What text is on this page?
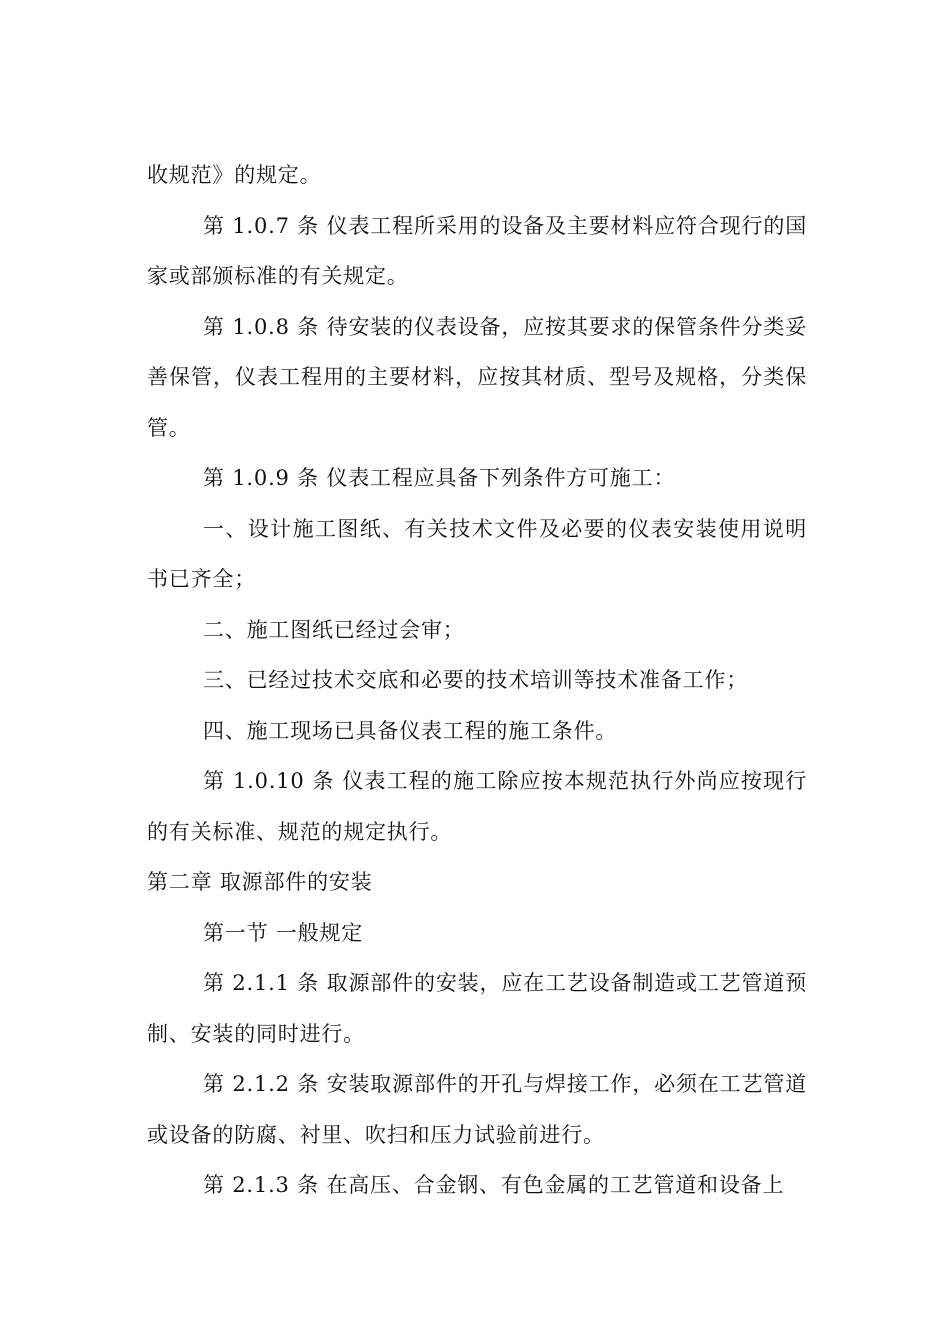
收规范》的规定。

第 1.0.7 条 仪表工程所采用的设备及主要材料应符合现行的国家或部颁标准的有关规定。

第 1.0.8 条 待安装的仪表设备，应按其要求的保管条件分类妥善保管，仪表工程用的主要材料，应按其材质、型号及规格，分类保管。

第 1.0.9 条 仪表工程应具备下列条件方可施工：

一、设计施工图纸、有关技术文件及必要的仪表安装使用说明书已齐全；

二、施工图纸已经过会审；

三、已经过技术交底和必要的技术培训等技术准备工作；

四、施工现场已具备仪表工程的施工条件。

第 1.0.10 条 仪表工程的施工除应按本规范执行外尚应按现行的有关标准、规范的规定执行。

第二章 取源部件的安装

第一节 一般规定

第 2.1.1 条 取源部件的安装，应在工艺设备制造或工艺管道预制、安装的同时进行。

第 2.1.2 条 安装取源部件的开孔与焊接工作，必须在工艺管道或设备的防腐、衬里、吹扫和压力试验前进行。

第 2.1.3 条 在高压、合金钢、有色金属的工艺管道和设备上
